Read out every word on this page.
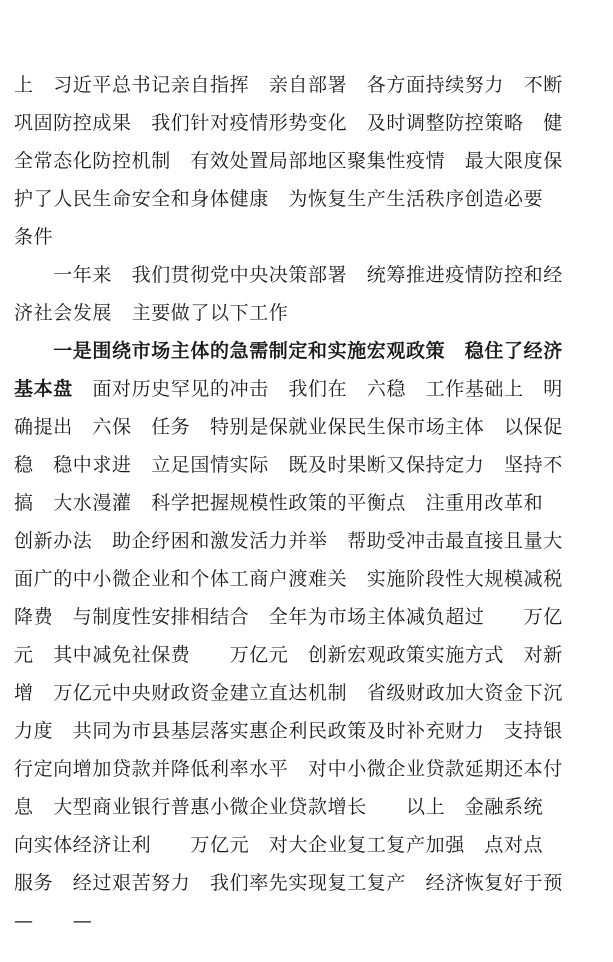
上　习近平总书记亲自指挥　亲自部署　各方面持续努力　不断
巩固防控成果　我们针对疫情形势变化　及时调整防控策略　健
全常态化防控机制　有效处置局部地区聚集性疫情　最大限度保
护了人民生命安全和身体健康　为恢复生产生活秩序创造必要
条件
　　一年来　我们贯彻党中央决策部署　统筹推进疫情防控和经
济社会发展　主要做了以下工作
　　一是围绕市场主体的急需制定和实施宏观政策　稳住了经济
基本盘　面对历史罕见的冲击　我们在　六稳　工作基础上　明
确提出　六保　任务　特别是保就业保民生保市场主体　以保促
稳　稳中求进　立足国情实际　既及时果断又保持定力　坚持不
搞　大水漫灌　科学把握规模性政策的平衡点　注重用改革和
创新办法　助企纾困和激发活力并举　帮助受冲击最直接且量大
面广的中小微企业和个体工商户渡难关　实施阶段性大规模减税
降费　与制度性安排相结合　全年为市场主体减负超过　　万亿
元　其中减免社保费　　万亿元　创新宏观政策实施方式　对新
增　万亿元中央财政资金建立直达机制　省级财政加大资金下沉
力度　共同为市县基层落实惠企利民政策及时补充财力　支持银
行定向增加贷款并降低利率水平　对中小微企业贷款延期还本付
息　大型商业银行普惠小微企业贷款增长　　以上　金融系统
向实体经济让利　　万亿元　对大企业复工复产加强　点对点
服务　经过艰苦努力　我们率先实现复工复产　经济恢复好于预
—　　—
